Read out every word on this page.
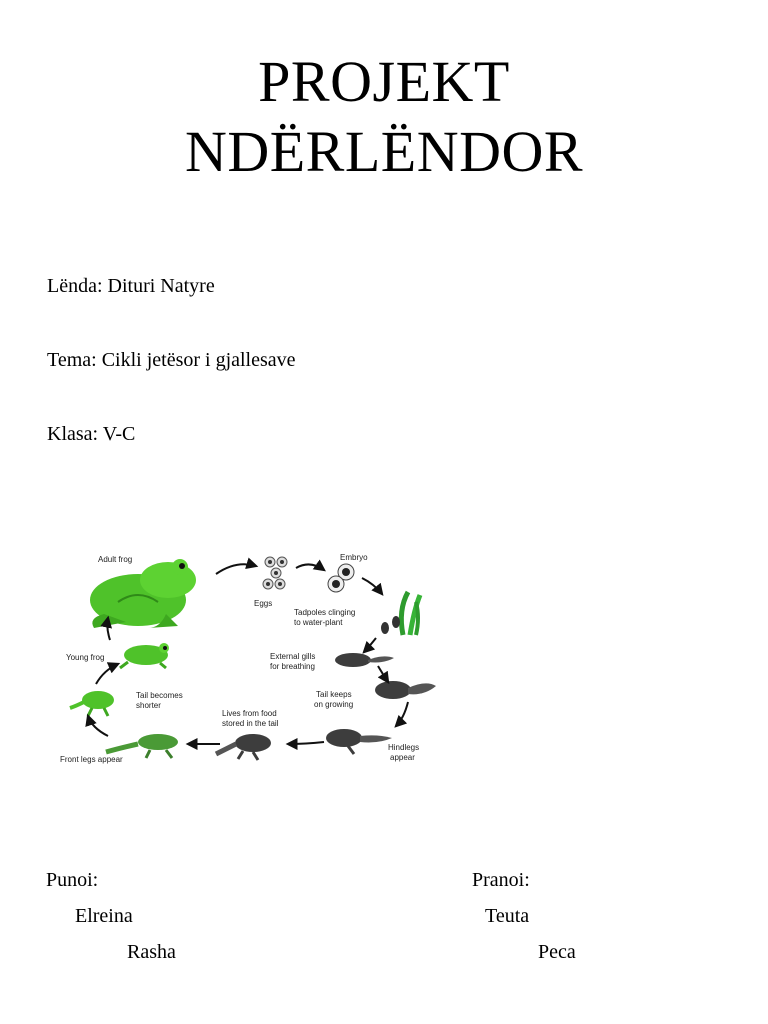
PROJEKT
NDËRLËNDOR
Lënda: Dituri Natyre
Tema: Cikli jetësor i gjallesave
Klasa: V-C
Adult frog
Eggs
Embryo
Tadpoles clinging
to water-plant
External gills
for breathing
Tail keeps
on growing
Hindlegs
appear
Lives from food
stored in the tail
Front legs appear
Tail becomes
shorter
Young frog
Punoi:
Elreina
Rasha
Pranoi:
Teuta
Peca
